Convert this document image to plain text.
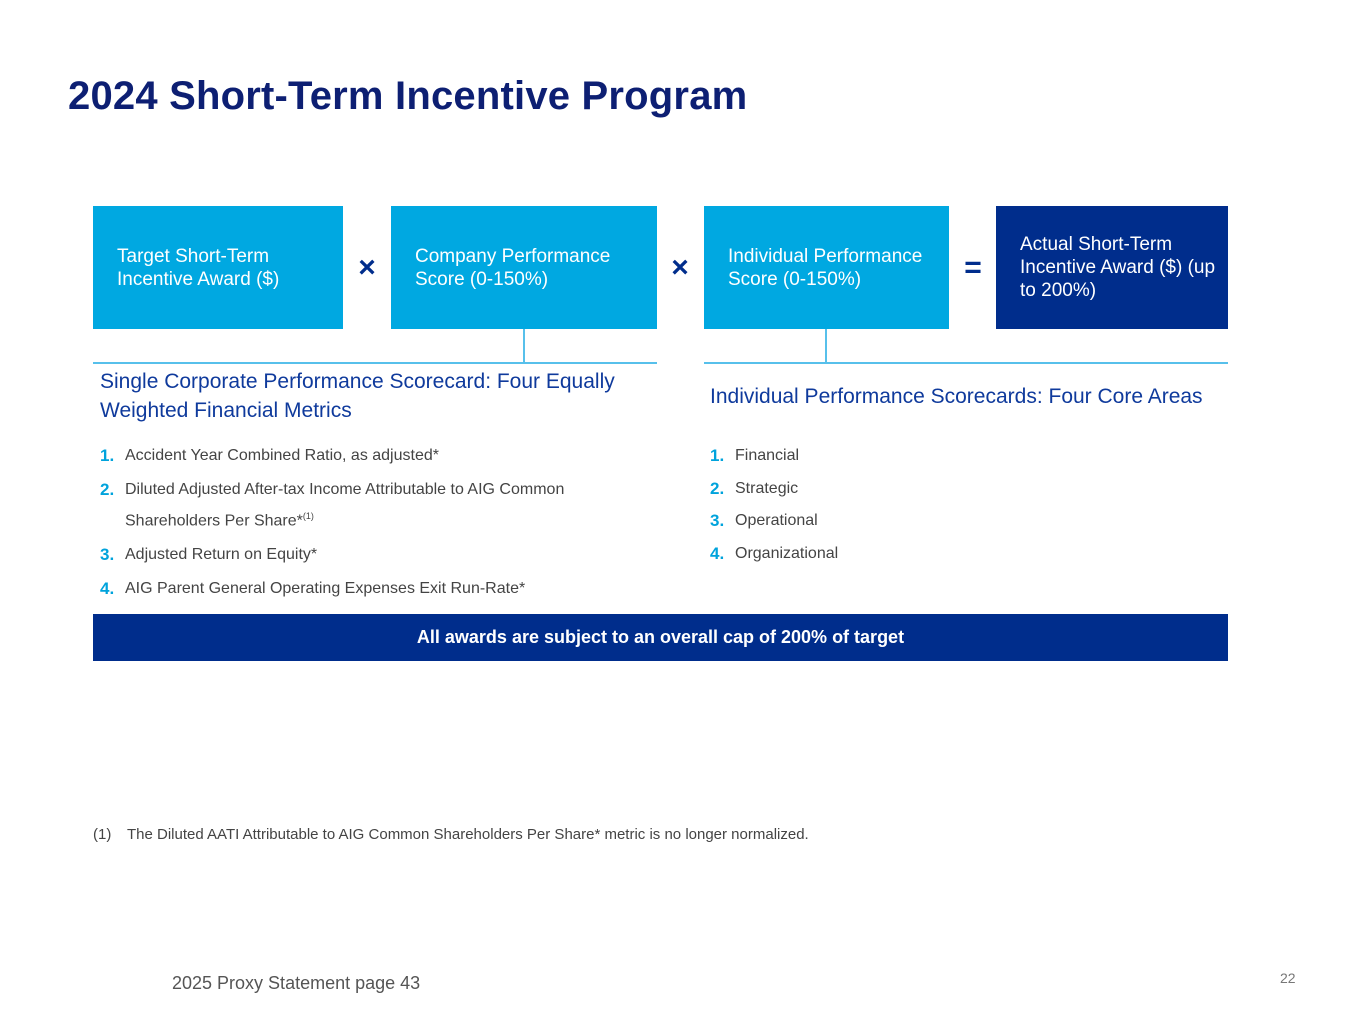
2024 Short-Term Incentive Program
Target Short-Term Incentive Award ($)	×	Company Performance Score (0-150%)	×	Individual Performance Score (0-150%)	=
Actual Short-Term Incentive Award ($) (up to 200%)
Single Corporate Performance Scorecard: Four Equally Weighted Financial Metrics
1. Accident Year Combined Ratio, as adjusted*
2. Diluted Adjusted After-tax Income Attributable to AIG Common Shareholders Per Share*$^{(1)}$
3. Adjusted Return on Equity*
4. AIG Parent General Operating Expenses Exit Run-Rate*
Individual Performance Scorecards: Four Core Areas
1. Financial
2. Strategic
3. Operational
4. Organizational
All awards are subject to an overall cap of 200% of target
(1) The Diluted AATI Attributable to AIG Common Shareholders Per Share* metric is no longer normalized.
2025 Proxy Statement page 43	22
